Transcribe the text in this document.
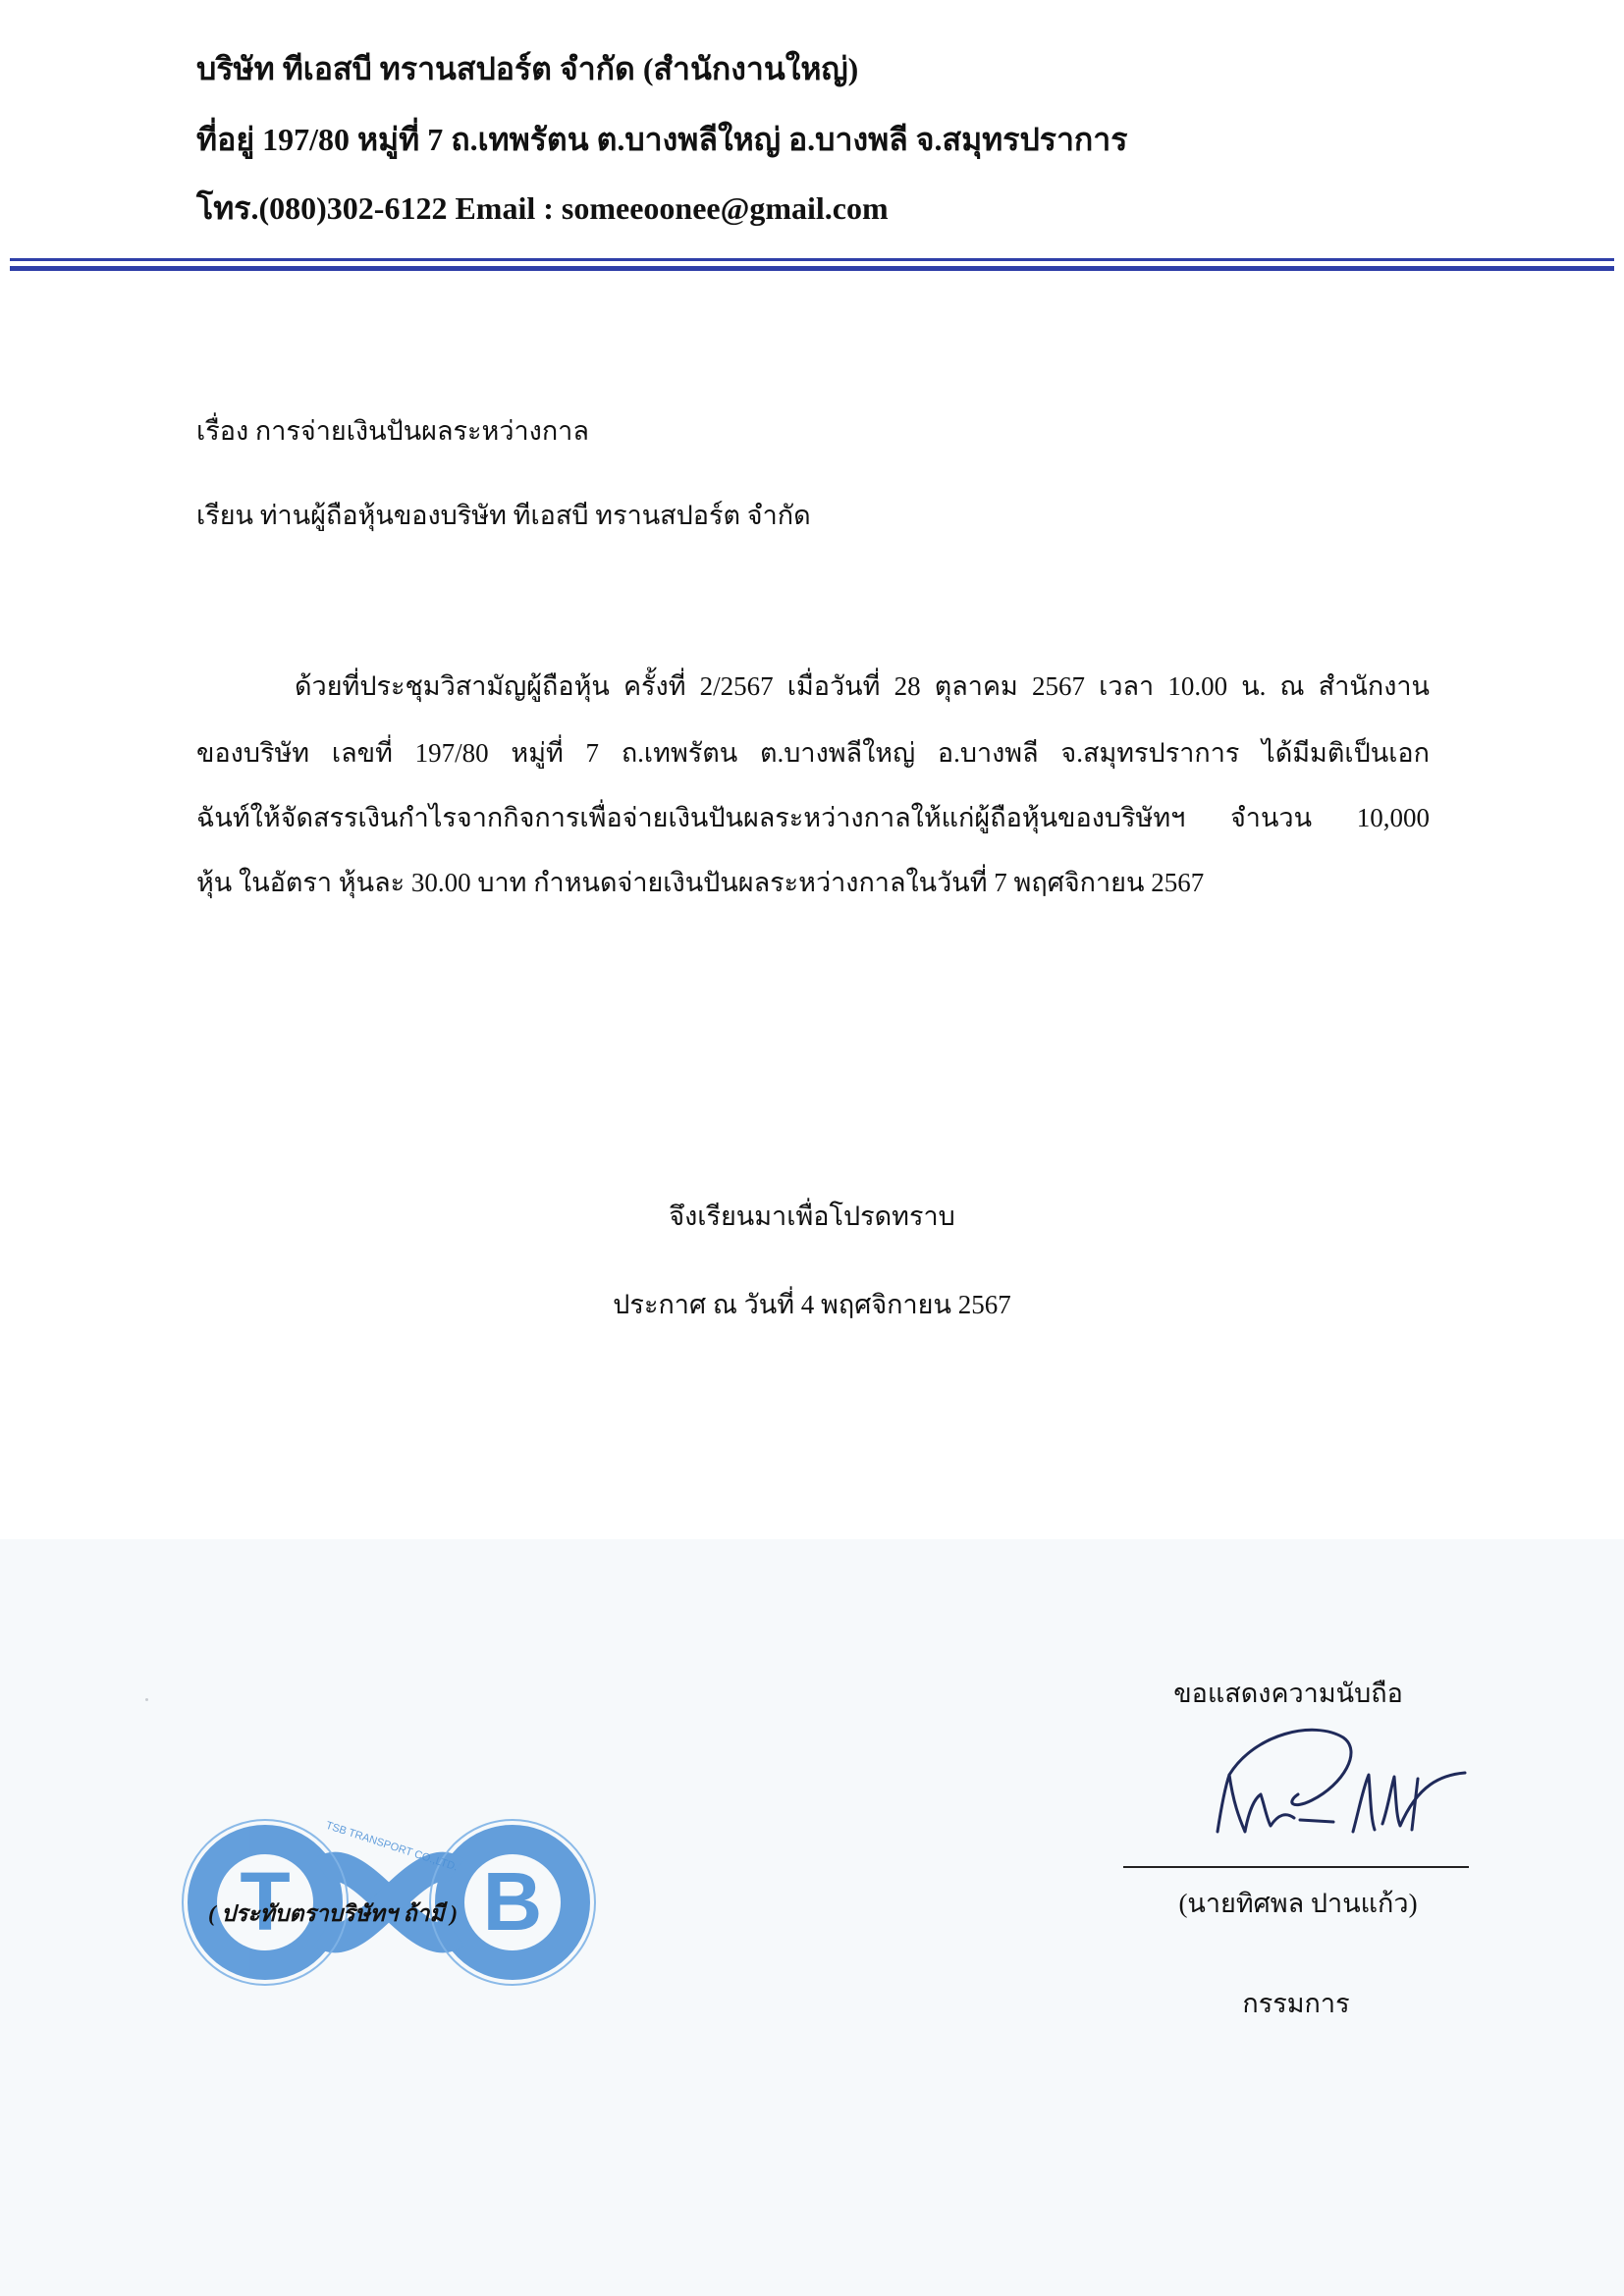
บริษัท ทีเอสบี ทรานสปอร์ต จำกัด (สำนักงานใหญ่)
ที่อยู่ 197/80 หมู่ที่ 7 ถ.เทพรัตน ต.บางพลีใหญ่ อ.บางพลี จ.สมุทรปราการ
โทร.(080)302-6122 Email : someeoonee@gmail.com
เรื่อง การจ่ายเงินปันผลระหว่างกาล
เรียน ท่านผู้ถือหุ้นของบริษัท ทีเอสบี ทรานสปอร์ต จำกัด
ด้วยที่ประชุมวิสามัญผู้ถือหุ้น ครั้งที่ 2/2567 เมื่อวันที่ 28 ตุลาคม 2567 เวลา 10.00 น. ณ สำนักงาน
ของบริษัท เลขที่ 197/80 หมู่ที่ 7 ถ.เทพรัตน ต.บางพลีใหญ่ อ.บางพลี จ.สมุทรปราการ ได้มีมติเป็นเอก
ฉันท์ให้จัดสรรเงินกำไรจากกิจการเพื่อจ่ายเงินปันผลระหว่างกาลให้แก่ผู้ถือหุ้นของบริษัทฯ จำนวน 10,000
หุ้น ในอัตรา หุ้นละ 30.00 บาท กำหนดจ่ายเงินปันผลระหว่างกาลในวันที่ 7 พฤศจิกายน 2567
จึงเรียนมาเพื่อโปรดทราบ
ประกาศ ณ วันที่ 4 พฤศจิกายน 2567
T B
TSB TRANSPORT CO.,LTD.
( ประทับตราบริษัทฯ ถ้ามี )
ขอแสดงความนับถือ
(นายทิศพล ปานแก้ว)
กรรมการ
